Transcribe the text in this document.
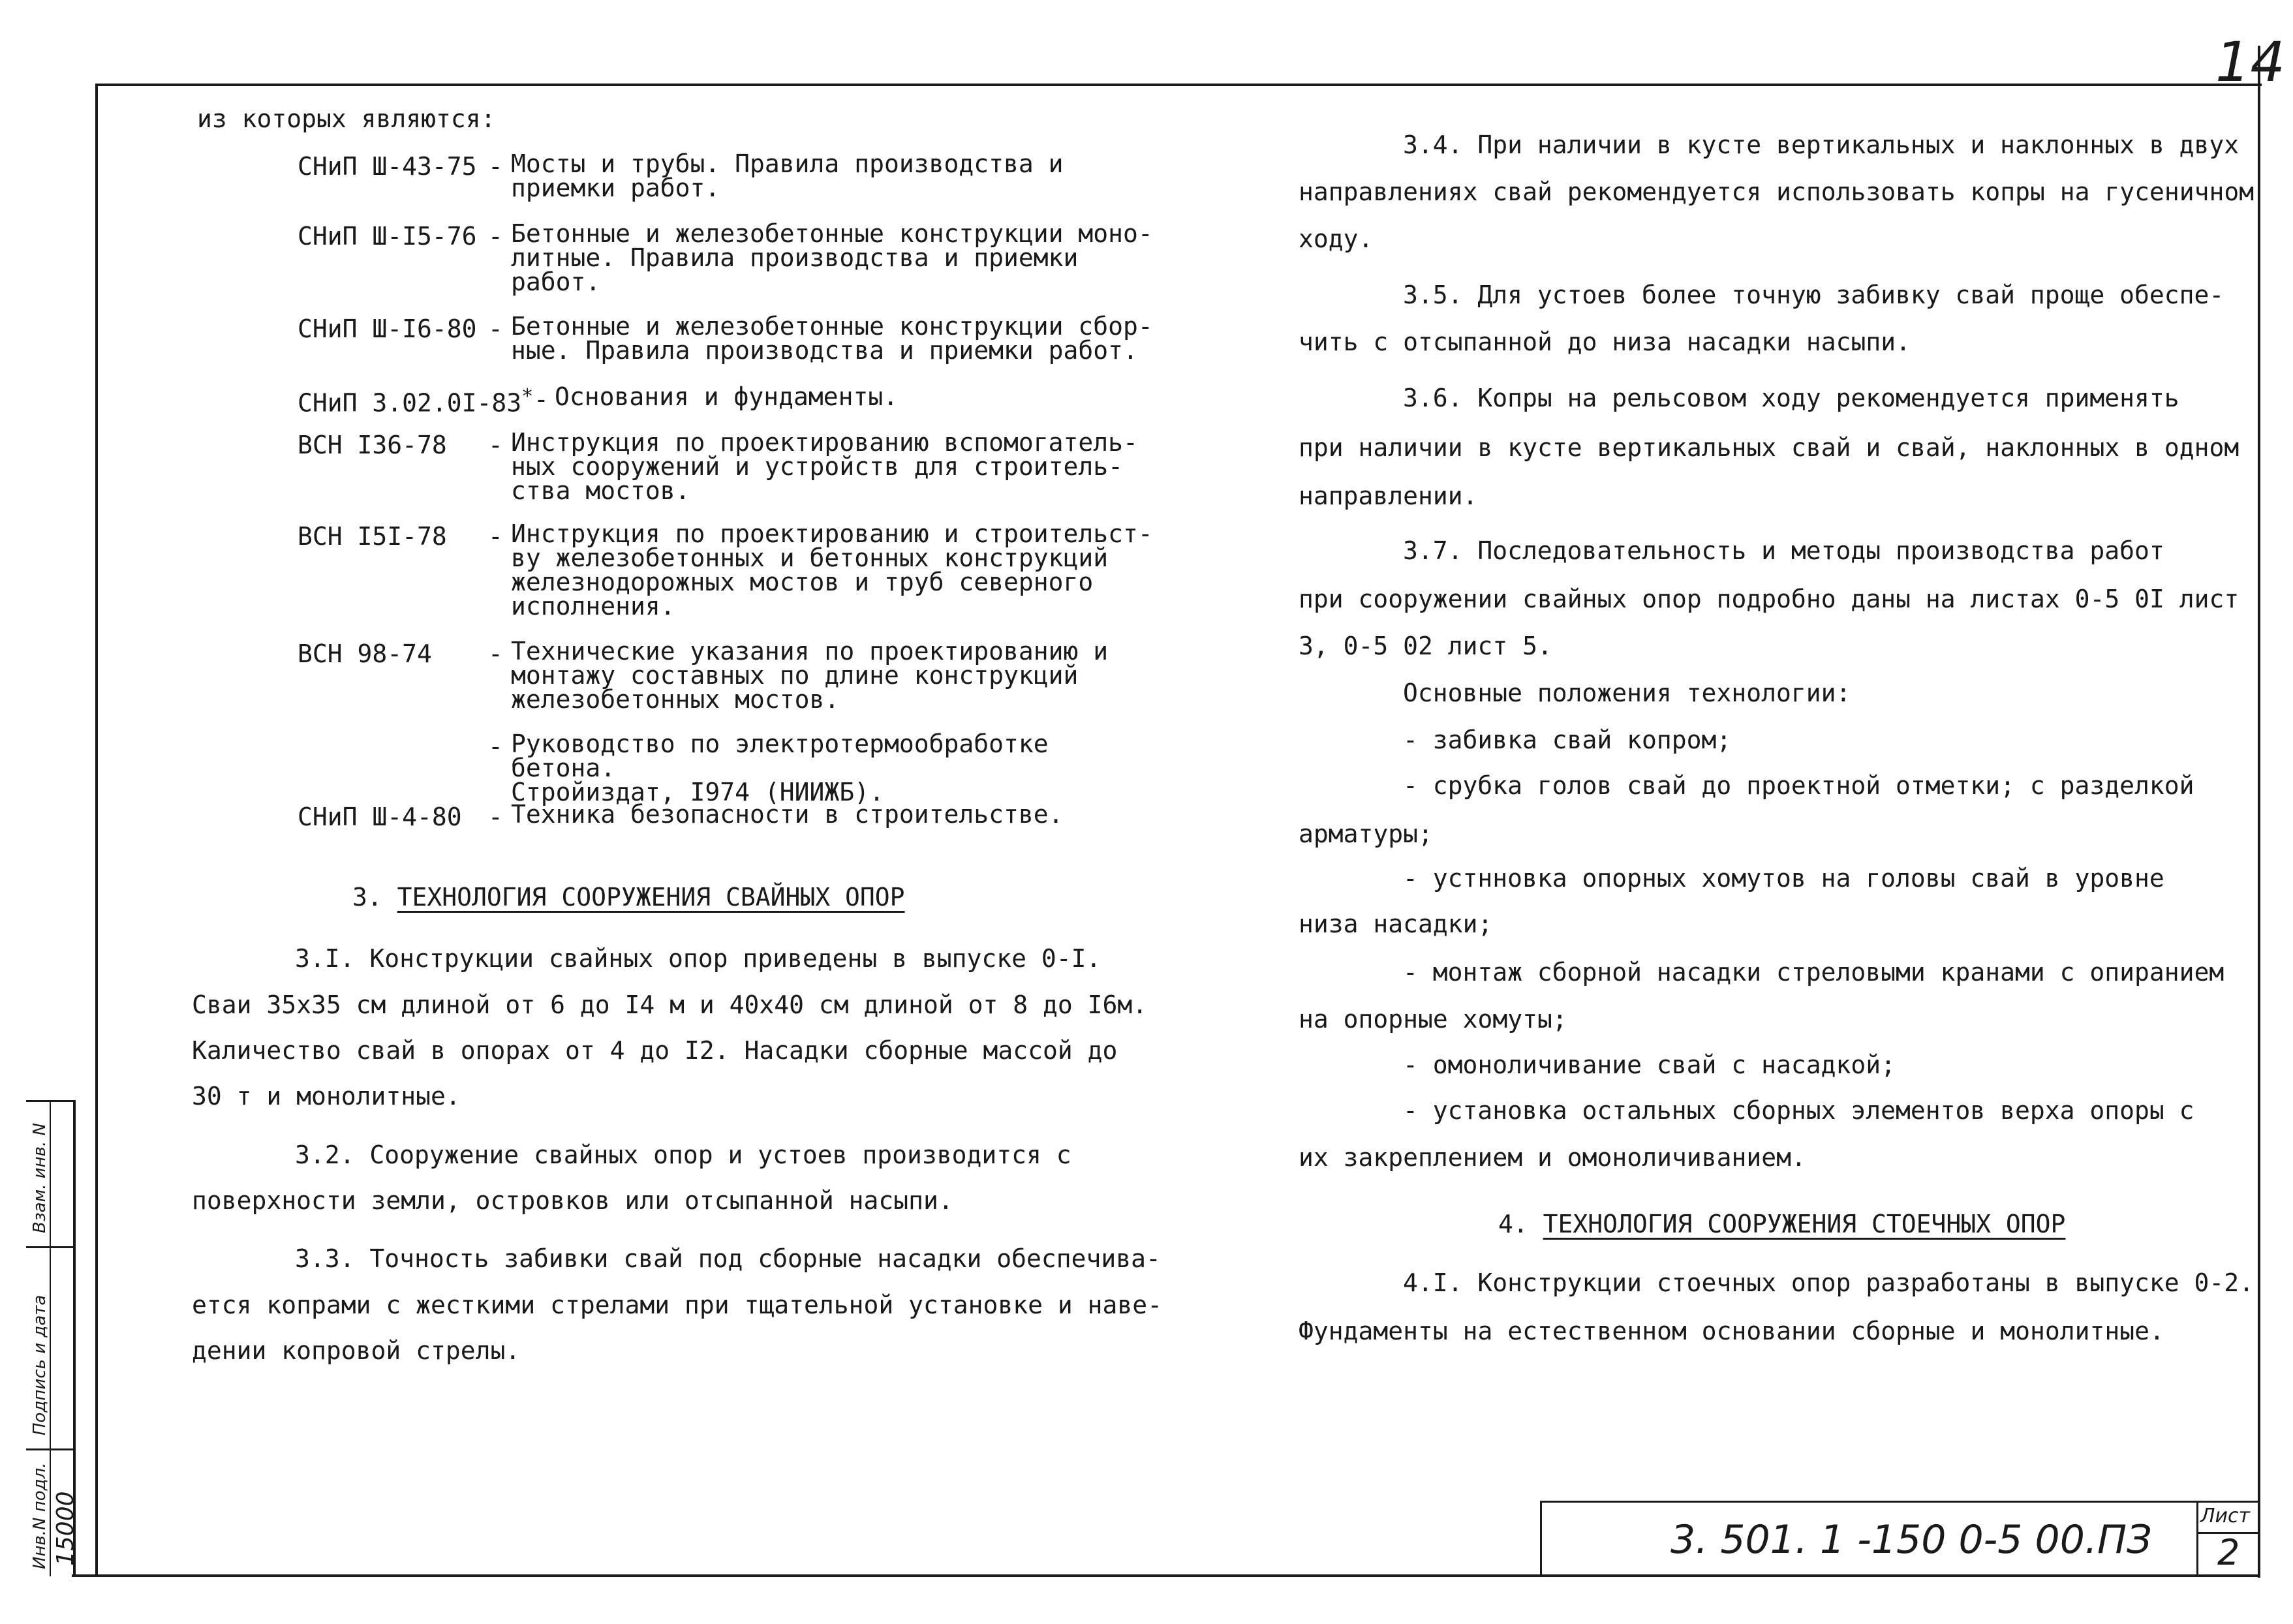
14
из которых являются:
СНиП Ш-43-75 - Мосты и трубы. Правила производства и
приемки работ.
СНиП Ш-I5-76 - Бетонные и железобетонные конструкции моно-
литные. Правила производства и приемки
работ.
СНиП Ш-I6-80 - Бетонные и железобетонные конструкции сбор-
ные. Правила производства и приемки работ.
СНиП 3.02.0I-83* - Основания и фундаменты.
ВСН I36-78 - Инструкция по проектированию вспомогатель-
ных сооружений и устройств для строитель-
ства мостов.
ВСН I5I-78 - Инструкция по проектированию и строительст-
ву железобетонных и бетонных конструкций
железнодорожных мостов и труб северного
исполнения.
ВСН 98-74 - Технические указания по проектированию и
монтажу составных по длине конструкций
железобетонных мостов.
- Руководство по электротермообработке бетона.
Стройиздат, I974 (НИИЖБ).
СНиП Ш-4-80 - Техника безопасности в строительстве.
3. ТЕХНОЛОГИЯ СООРУЖЕНИЯ СВАЙНЫХ ОПОР
3.I. Конструкции свайных опор приведены в выпуске 0-I.
Сваи 35х35 см длиной от 6 до I4 м и 40х40 см длиной от 8 до I6м.
Каличество свай в опорах от 4 до I2. Насадки сборные массой до
30 т и монолитные.
3.2. Сооружение свайных опор и устоев производится с
поверхности земли, островков или отсыпанной насыпи.
3.3. Точность забивки свай под сборные насадки обеспечива-
ется копрами с жесткими стрелами при тщательной установке и наве-
дении копровой стрелы.
3.4. При наличии в кусте вертикальных и наклонных в двух
направлениях свай рекомендуется использовать копры на гусеничном
ходу.
3.5. Для устоев более точную забивку свай проще обеспе-
чить с отсыпанной до низа насадки насыпи.
3.6. Копры на рельсовом ходу рекомендуется применять
при наличии в кусте вертикальных свай и свай, наклонных в одном
направлении.
3.7. Последовательность и методы производства работ
при сооружении свайных опор подробно даны на листах 0-5 0I лист
3, 0-5 02 лист 5.
Основные положения технологии:
- забивка свай копром;
- срубка голов свай до проектной отметки; с разделкой
арматуры;
- устнновка опорных хомутов на головы свай в уровне
низа насадки;
- монтаж сборной насадки стреловыми кранами с опиранием
на опорные хомуты;
- омоноличивание свай с насадкой;
- установка остальных сборных элементов верха опоры с
их закреплением и омоноличиванием.
4. ТЕХНОЛОГИЯ СООРУЖЕНИЯ СТОЕЧНЫХ ОПОР
4.I. Конструкции стоечных опор разработаны в выпуске 0-2.
Фундаменты на естественном основании сборные и монолитные.
3. 501. 1 -150 0-5 00.ПЗ
Лист
2
Взам. инв. N
Подпись и дата
Инв.N подл. 15000
